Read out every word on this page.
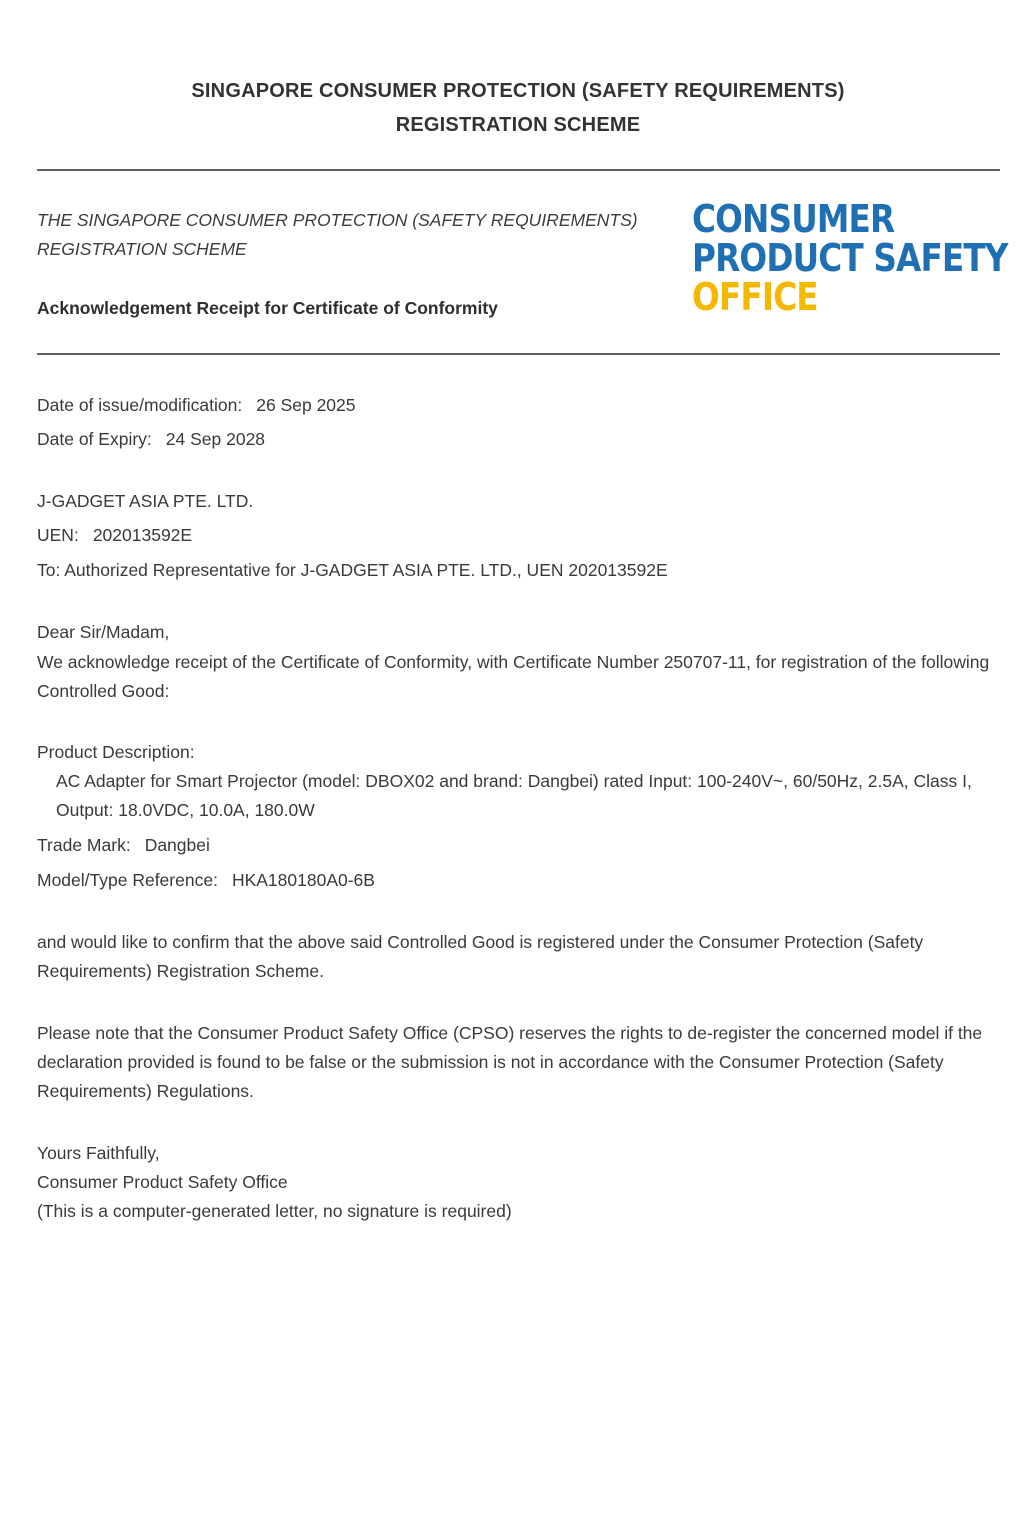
SINGAPORE CONSUMER PROTECTION (SAFETY REQUIREMENTS)
REGISTRATION SCHEME
THE SINGAPORE CONSUMER PROTECTION (SAFETY REQUIREMENTS)
REGISTRATION SCHEME
Acknowledgement Receipt for Certificate of Conformity
CONSUMER
PRODUCT SAFETY
OFFICE
Date of issue/modification: 26 Sep 2025
Date of Expiry: 24 Sep 2028
J-GADGET ASIA PTE. LTD.
UEN: 202013592E
To: Authorized Representative for J-GADGET ASIA PTE. LTD., UEN 202013592E
Dear Sir/Madam,
We acknowledge receipt of the Certificate of Conformity, with Certificate Number 250707-11, for registration of the following Controlled Good:
Product Description:
AC Adapter for Smart Projector (model: DBOX02 and brand: Dangbei) rated Input: 100-240V~, 60/50Hz, 2.5A, Class I, Output: 18.0VDC, 10.0A, 180.0W
Trade Mark: Dangbei
Model/Type Reference: HKA180180A0-6B
and would like to confirm that the above said Controlled Good is registered under the Consumer Protection (Safety Requirements) Registration Scheme.
Please note that the Consumer Product Safety Office (CPSO) reserves the rights to de-register the concerned model if the declaration provided is found to be false or the submission is not in accordance with the Consumer Protection (Safety Requirements) Regulations.
Yours Faithfully,
Consumer Product Safety Office
(This is a computer-generated letter, no signature is required)
